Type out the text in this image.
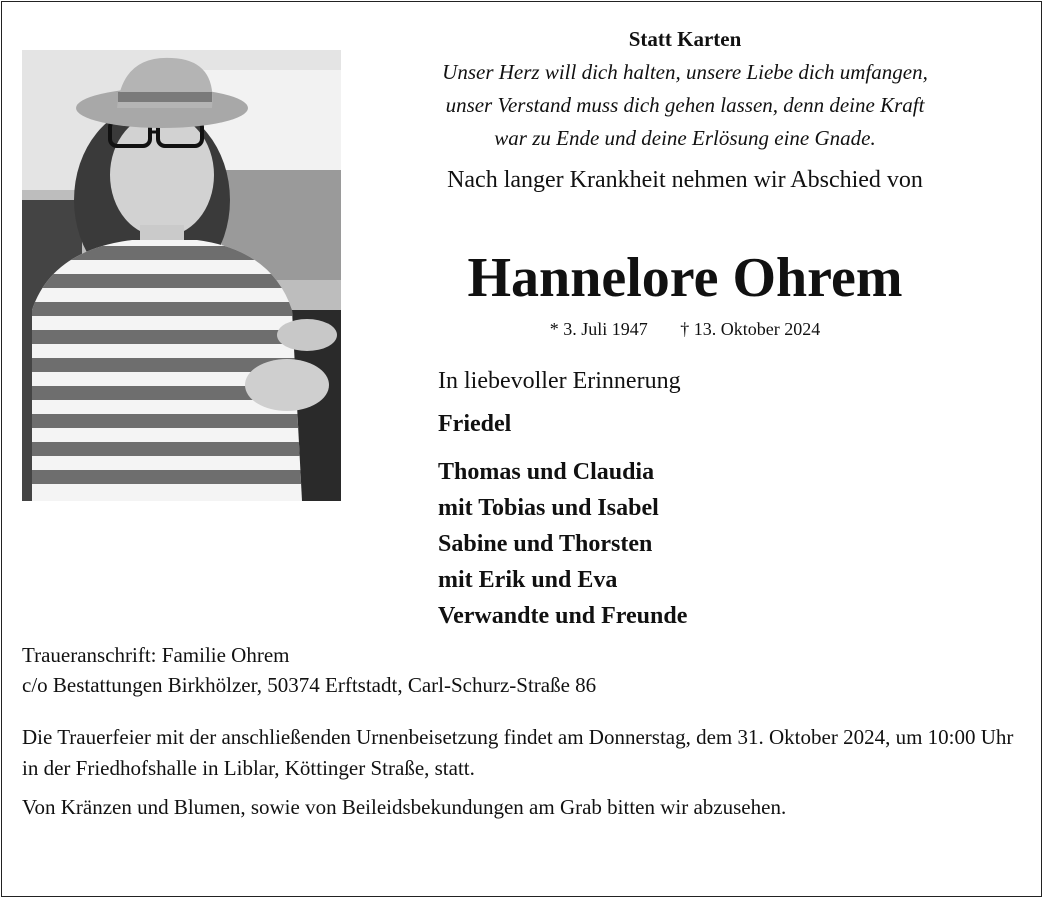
Statt Karten
Unser Herz will dich halten, unsere Liebe dich umfangen,
unser Verstand muss dich gehen lassen, denn deine Kraft
war zu Ende und deine Erlösung eine Gnade.
Nach langer Krankheit nehmen wir Abschied von
Hannelore Ohrem
* 3. Juli 1947 † 13. Oktober 2024
In liebevoller Erinnerung
Friedel
Thomas und Claudia
mit Tobias und Isabel
Sabine und Thorsten
mit Erik und Eva
Verwandte und Freunde
Traueranschrift: Familie Ohrem
c/o Bestattungen Birkhölzer, 50374 Erftstadt, Carl-Schurz-Straße 86

Die Trauerfeier mit der anschließenden Urnenbeisetzung findet am Donnerstag, dem 31. Oktober 2024, um 10:00 Uhr in der Friedhofshalle in Liblar, Köttinger Straße, statt.

Von Kränzen und Blumen, sowie von Beileidsbekundungen am Grab bitten wir abzusehen.
